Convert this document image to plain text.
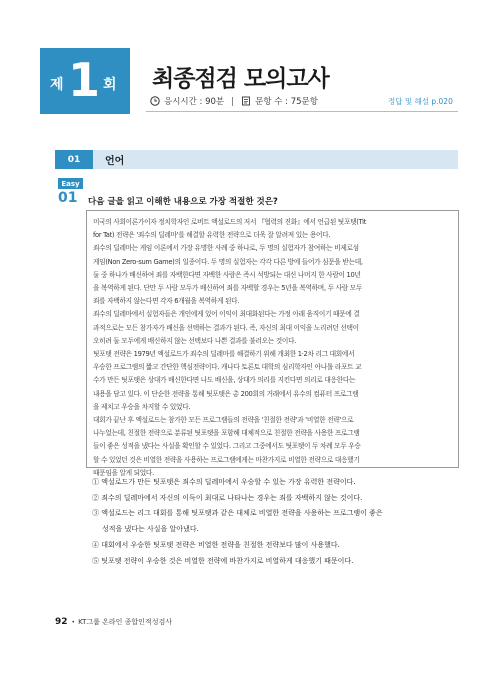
제 1 회 최종점검 모의고사
응시시간 : 90분	문항 수 : 75문항	정답 및 해설 p.020
01	언어
Easy
01 다음 글을 읽고 이해한 내용으로 가장 적절한 것은?

미국의 사회이론가이자 정치학자인 로버트 액설로드의 저서 『협력의 진화』에서 언급된 팃포탯(Tit

for Tat) 전략은 '죄수의 딜레마'를 해결할 유력한 전략으로 더욱 잘 알려져 있는 용어다.

죄수의 딜레마는 게임 이론에서 가장 유명한 사례 중 하나로, 두 명의 실험자가 참여하는 비제로섬

게임(Non Zero-sum Game)의 일종이다. 두 명의 실험자는 각각 다른 방에 들어가 심문을 받는데,

둘 중 하나가 배신하여 죄를 자백한다면 자백한 사람은 즉시 석방되는 대신 나머지 한 사람이 10년

을 복역하게 된다. 단만 두 사람 모두가 배신하여 죄를 자백할 경우는 5년을 복역하며, 두 사람 모두

죄를 자백하지 않는다면 각자 6개월을 복역하게 된다.

죄수의 딜레마에서 실험자들은 개인에게 있어 이익이 최대화된다는 가정 아래 움직이기 때문에 결

과적으로는 모든 참가자가 배신을 선택하는 결과가 된다. 즉, 자신의 최대 이익을 노리려던 선택이

오히려 둘 모두에게 배신하지 않는 선택보다 나쁜 결과를 불러오는 것이다.

팃포탯 전략은 1979년 액설로드가 죄수의 딜레마를 해결하기 위해 개최한 1·2차 리그 대회에서

우승한 프로그램의 짧고 간단한 핵심전략이다. 캐나다 토론토 대학의 심리학자인 아나톨 라포트 교

수가 만든 팃포탯은 상대가 배신한다면 나도 배신을, 상대가 의리를 지킨다면 의리로 대응한다는

내용을 담고 있다. 이 단순한 전략을 통해 팃포탯은 총 200회의 거래에서 유수의 컴퓨터 프로그램

을 제치고 우승을 차지할 수 있었다.

대회가 끝난 후 액설로드는 참가한 모든 프로그램들의 전략을 '친절한 전략'과 '비열한 전략'으로

나누었는데, 친절한 전략으로 분류된 팃포탯을 포함해 대체적으로 친절한 전략을 사용한 프로그램

들이 좋은 성적을 냈다는 사실을 확인할 수 있었다. 그리고 그중에서도 팃포탯이 두 차례 모두 우승

할 수 있었던 것은 비열한 전략을 사용하는 프로그램에게는 마찬가지로 비열한 전략으로 대응했기

때문임을 알게 되었다.

① 액설로드가 만든 팃포탯은 죄수의 딜레마에서 우승할 수 있는 가장 유력한 전략이다.
② 죄수의 딜레마에서 자신의 이득이 최대로 나타나는 경우는 죄를 자백하지 않는 것이다.
③ 액설로드는 리그 대회를 통해 팃포탯과 같은 대체로 비열한 전략을 사용하는 프로그램이 좋은
성적을 냈다는 사실을 알아냈다.
④ 대회에서 우승한 팃포탯 전략은 비열한 전략을 친절한 전략보다 많이 사용했다.
⑤ 팃포탯 전략이 우승한 것은 비열한 전략에 바찬가지로 비열하게 대응했기 때문이다.
92 • KT그룹 온라인 종합인적성검사
